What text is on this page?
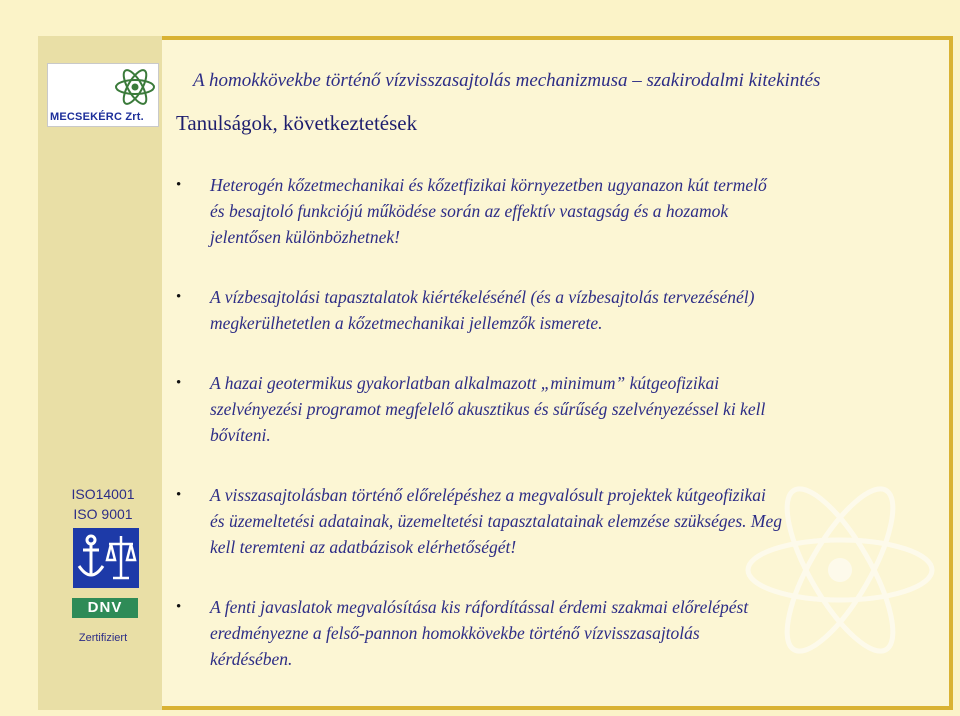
MECSEKÉRC Zrt.
A homokkövekbe történő vízvisszasajtolás mechanizmusa – szakirodalmi kitekintés
Tanulságok, következtetések
• Heterogén kőzetmechanikai és kőzetfizikai környezetben ugyanazon kút termelő
és besajtoló funkciójú működése során az effektív vastagság és a hozamok
jelentősen különbözhetnek!
• A vízbesajtolási tapasztalatok kiértékelésénél (és a vízbesajtolás tervezésénél)
megkerülhetetlen a kőzetmechanikai jellemzők ismerete.
• A hazai geotermikus gyakorlatban alkalmazott „minimum” kútgeofizikai
szelvényezési programot megfelelő akusztikus és sűrűség szelvényezéssel ki kell
bővíteni.
• A visszasajtolásban történő előrelépéshez a megvalósult projektek kútgeofizikai
és üzemeltetési adatainak, üzemeltetési tapasztalatainak elemzése szükséges. Meg
kell teremteni az adatbázisok elérhetőségét!
• A fenti javaslatok megvalósítása kis ráfordítással érdemi szakmai előrelépést
eredményezne a felső-pannon homokkövekbe történő vízvisszasajtolás
kérdésében.
ISO14001
ISO 9001
DNV
Zertifiziert
